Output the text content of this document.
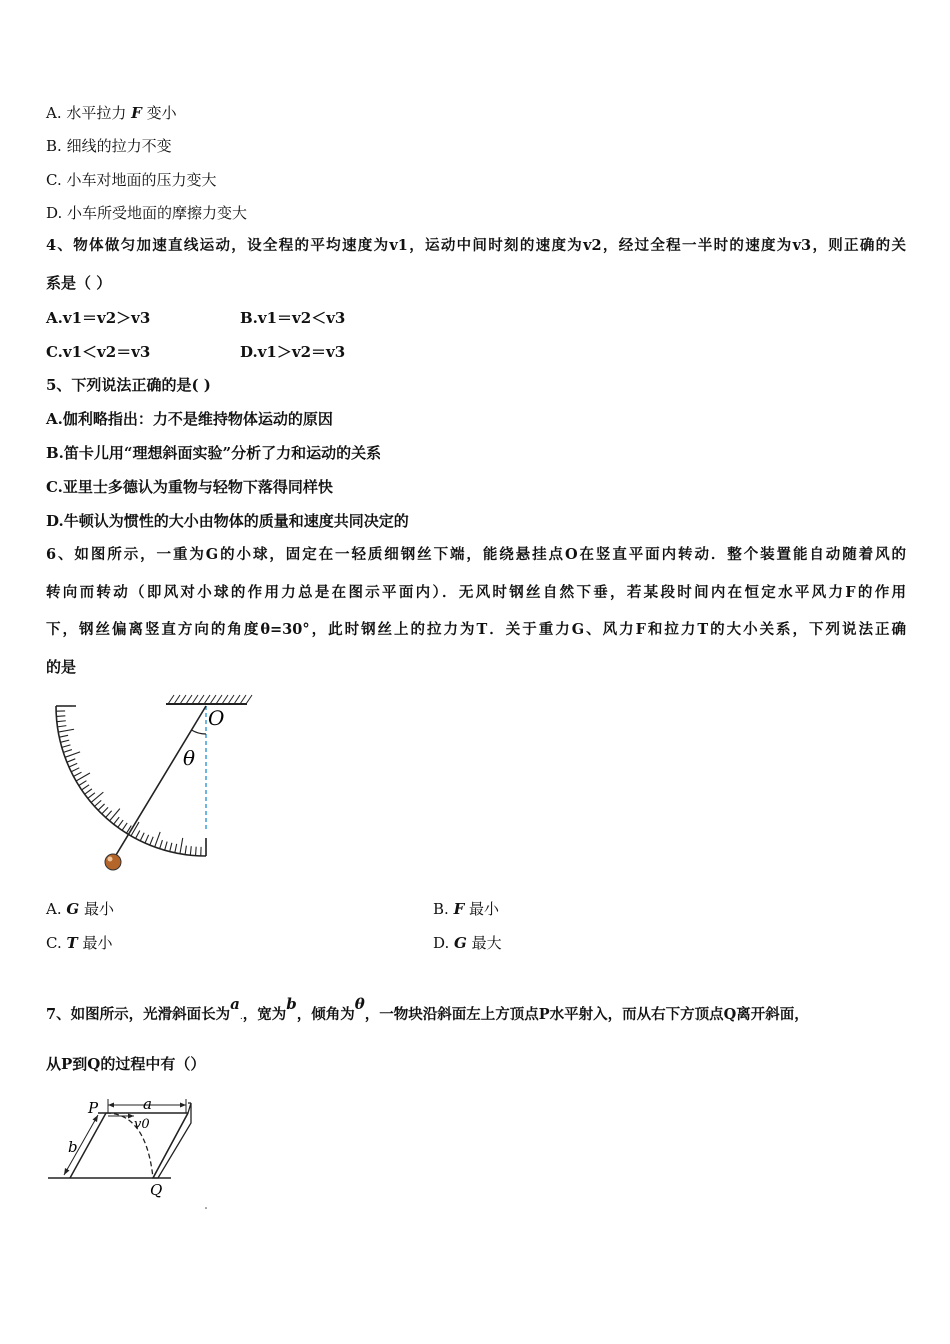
A. 水平拉力 F 变小
B. 细线的拉力不变
C. 小车对地面的压力变大
D. 小车所受地面的摩擦力变大
4、物体做匀加速直线运动，设全程的平均速度为v1，运动中间时刻的速度为v2，经过全程一半时的速度为v3，则正确的关
系是（ ）
A.v1＝v2＞v3	B.v1＝v2＜v3
C.v1＜v2＝v3	D.v1＞v2＝v3
5、下列说法正确的是( )
A.伽利略指出：力不是维持物体运动的原因
B.笛卡儿用“理想斜面实验”分析了力和运动的关系
C.亚里士多德认为重物与轻物下落得同样快
D.牛顿认为惯性的大小由物体的质量和速度共同决定的
6、如图所示，一重为G的小球，固定在一轻质细钢丝下端，能绕悬挂点O在竖直平面内转动．整个装置能自动随着风的
转向而转动（即风对小球的作用力总是在图示平面内）．无风时钢丝自然下垂，若某段时间内在恒定水平风力F的作用
下，钢丝偏离竖直方向的角度θ=30°，此时钢丝上的拉力为T．关于重力G、风力F和拉力T的大小关系，下列说法正确
的是
O
θ
A. G 最小	B. F 最小
C. T 最小	D. G 最大
7、如图所示，光滑斜面长为$^a$.，宽为$^b$，倾角为$^\theta$，一物块沿斜面左上方顶点P水平射入，而从右下方顶点Q离开斜面，
从P到Q的过程中有（）
P	a
v0
b
Q
